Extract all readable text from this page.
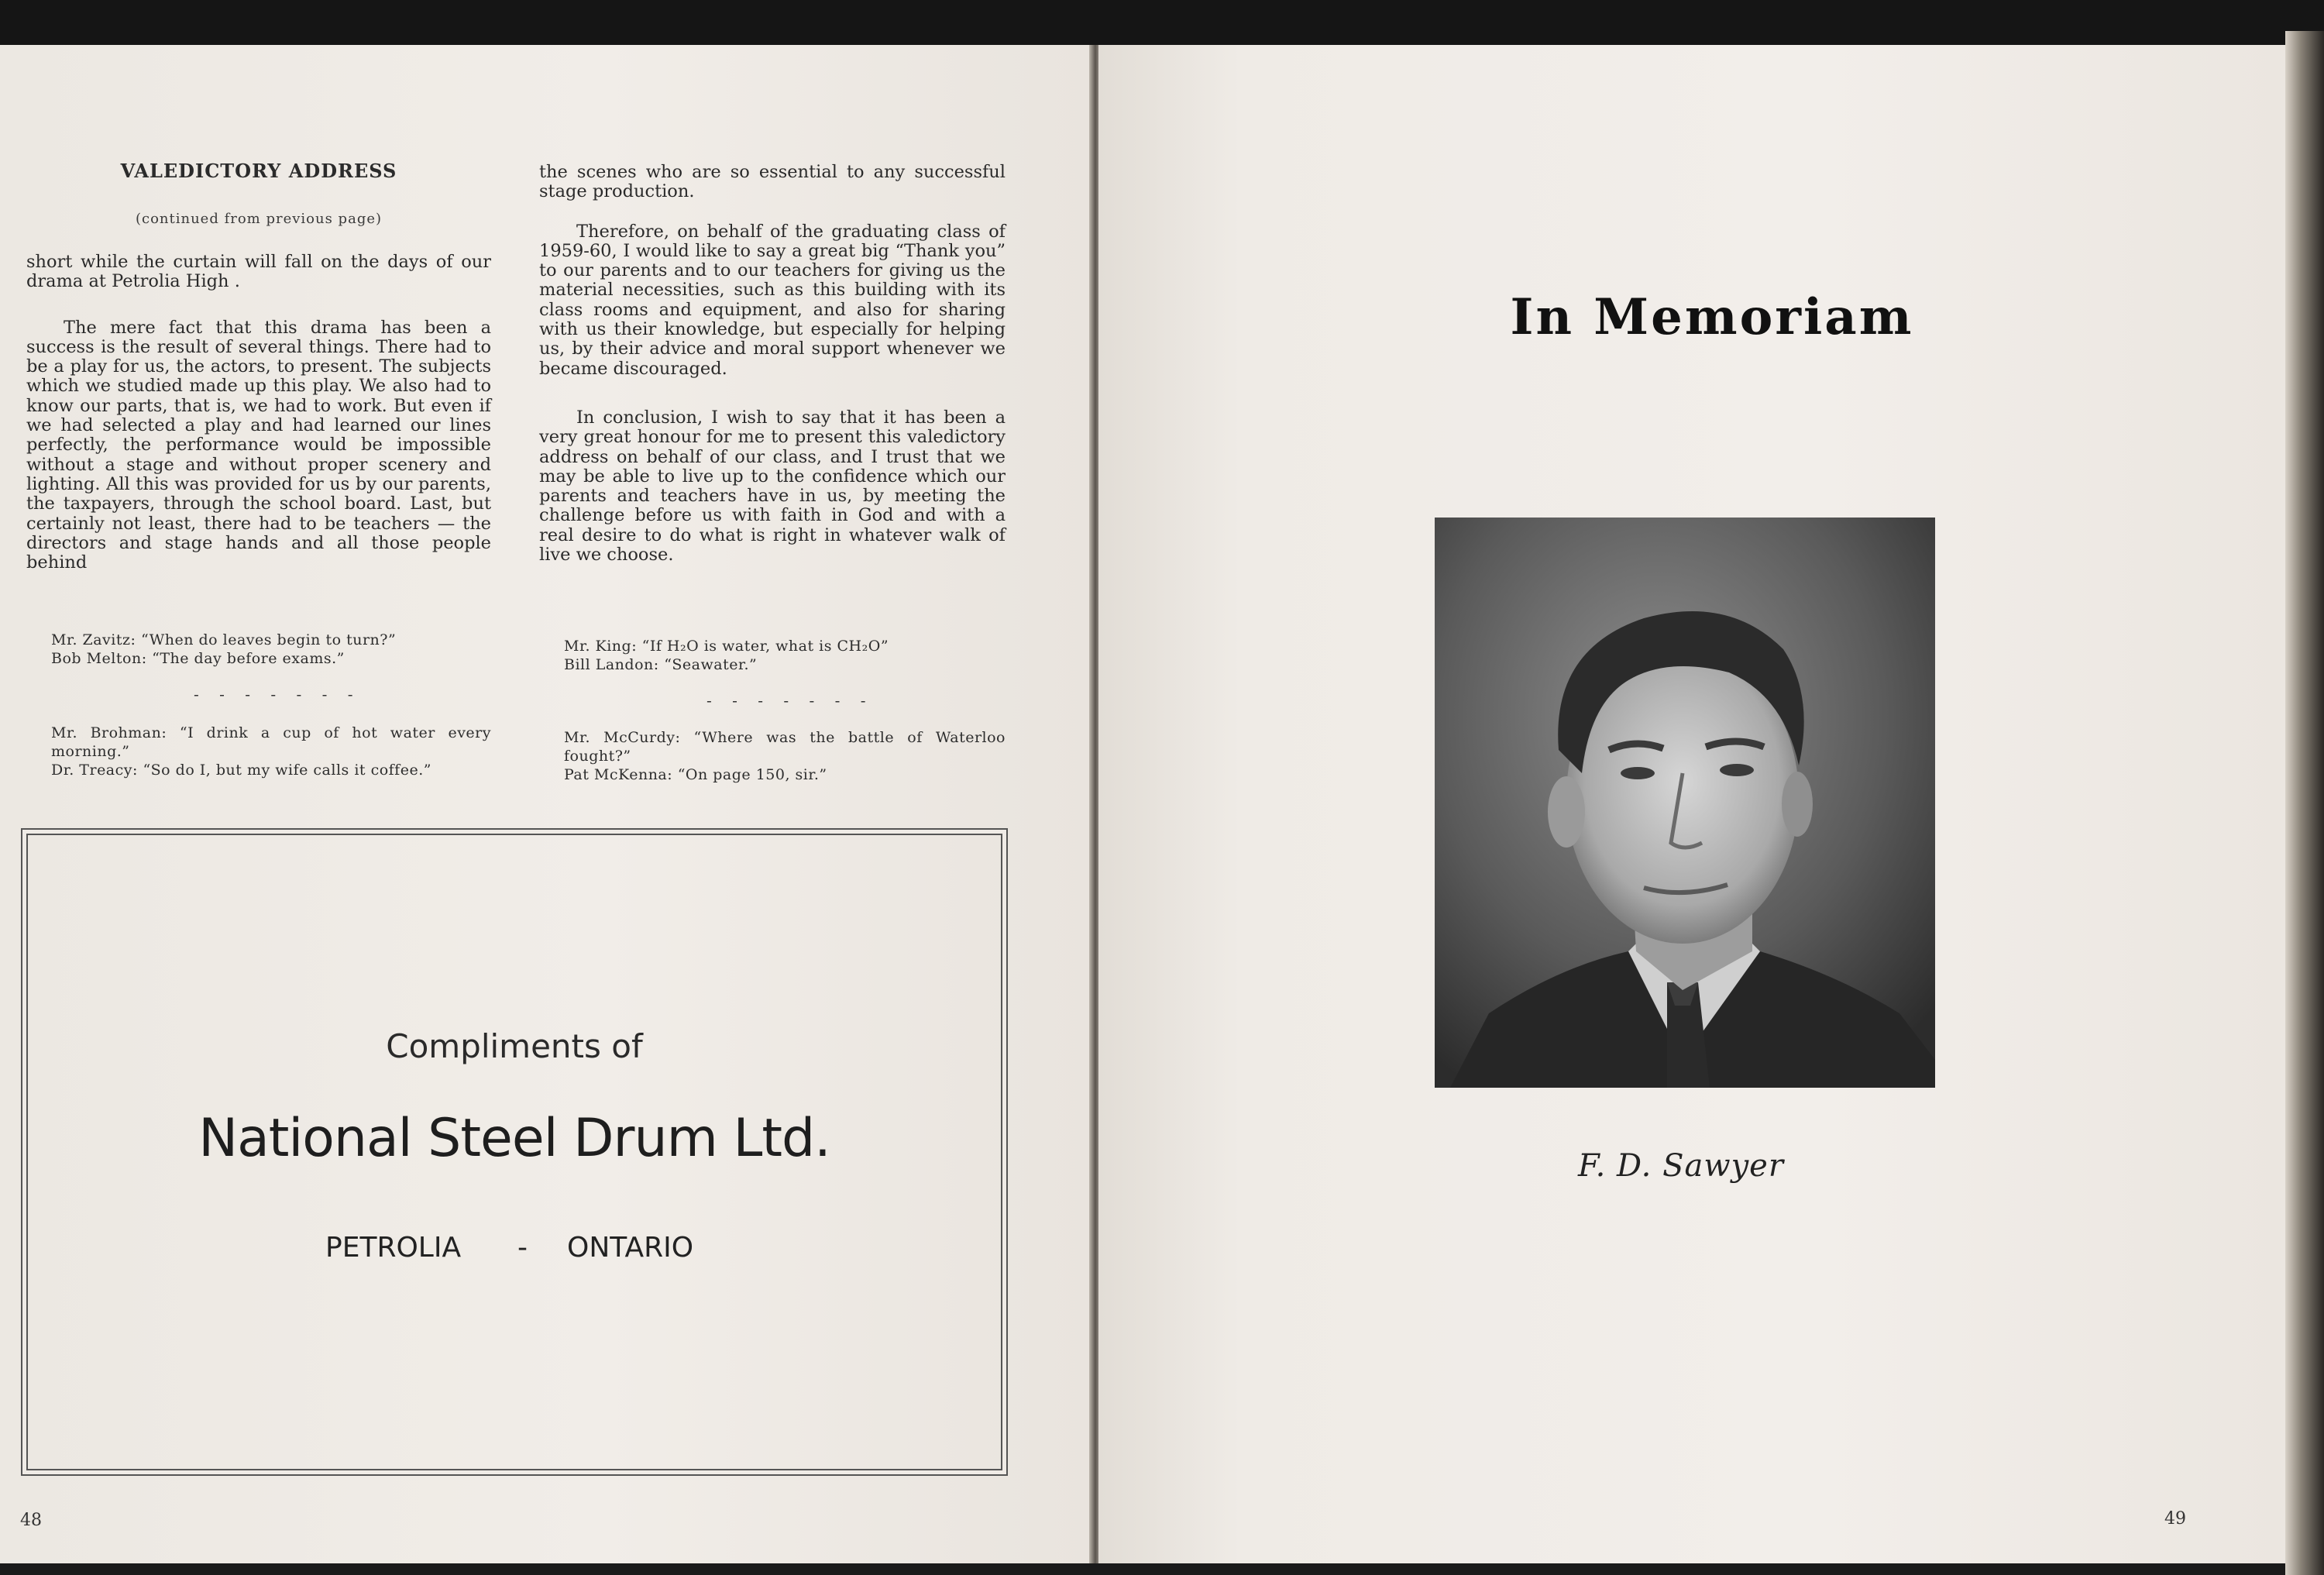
VALEDICTORY ADDRESS
(continued from previous page)

short while the curtain will fall on the days of our drama at Petrolia High .

The mere fact that this drama has been a success is the result of several things. There had to be a play for us, the actors, to present. The subjects which we studied made up this play. We also had to know our parts, that is, we had to work. But even if we had selected a play and had learned our lines perfectly, the performance would be impossible without a stage and without proper scenery and lighting. All this was provided for us by our parents, the taxpayers, through the school board. Last, but certainly not least, there had to be teachers — the directors and stage hands and all those people behind

the scenes who are so essential to any successful stage production.

Therefore, on behalf of the graduating class of 1959-60, I would like to say a great big “Thank you” to our parents and to our teachers for giving us the material necessities, such as this building with its class rooms and equipment, and also for sharing with us their knowledge, but especially for helping us, by their advice and moral support whenever we became discouraged.

In conclusion, I wish to say that it has been a very great honour for me to present this valedictory address on behalf of our class, and I trust that we may be able to live up to the confidence which our parents and teachers have in us, by meeting the challenge before us with faith in God and with a real desire to do what is right in whatever walk of live we choose.

Mr. Zavitz: “When do leaves begin to turn?”
Bob Melton: “The day before exams.”
- - - - - - -
Mr. Brohman: “I drink a cup of hot water every morning.”
Dr. Treacy: “So do I, but my wife calls it coffee.”
Mr. King: “If H₂O is water, what is CH₂O”
Bill Landon: “Seawater.”
- - - - - - -
Mr. McCurdy: “Where was the battle of Waterloo fought?”
Pat McKenna: “On page 150, sir.”
Compliments of
National Steel Drum Ltd.
PETROLIA - ONTARIO
48
In Memoriam
F. D. Sawyer
49
